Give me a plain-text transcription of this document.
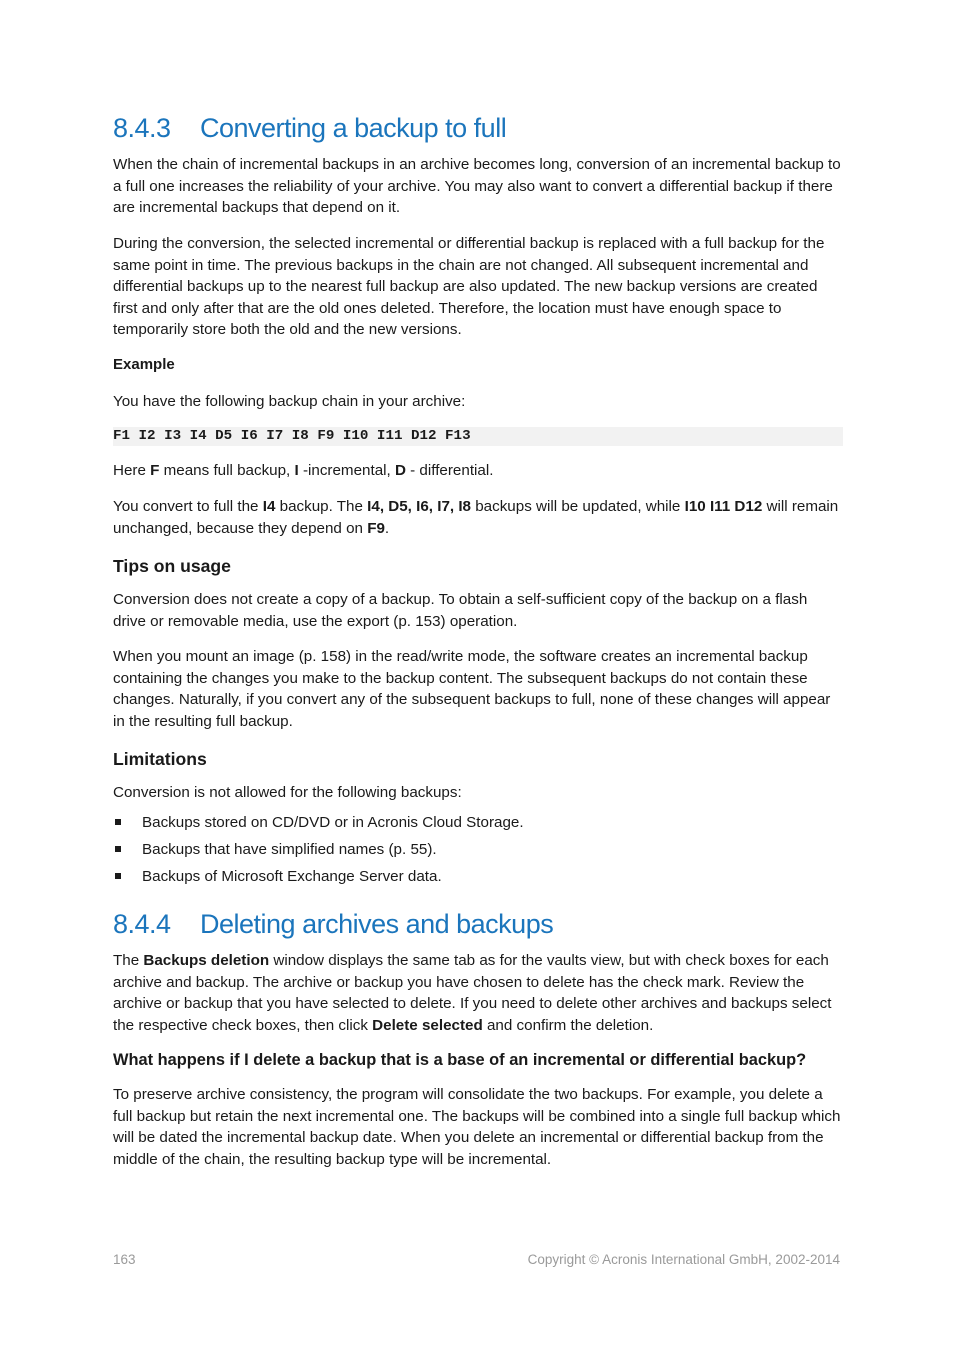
8.4.3 Converting a backup to full

When the chain of incremental backups in an archive becomes long, conversion of an incremental backup to a full one increases the reliability of your archive. You may also want to convert a differential backup if there are incremental backups that depend on it.

During the conversion, the selected incremental or differential backup is replaced with a full backup for the same point in time. The previous backups in the chain are not changed. All subsequent incremental and differential backups up to the nearest full backup are also updated. The new backup versions are created first and only after that are the old ones deleted. Therefore, the location must have enough space to temporarily store both the old and the new versions.

Example

You have the following backup chain in your archive:

F1 I2 I3 I4 D5 I6 I7 I8 F9 I10 I11 D12 F13

Here F means full backup, I -incremental, D - differential.

You convert to full the I4 backup. The I4, D5, I6, I7, I8 backups will be updated, while I10 I11 D12 will remain unchanged, because they depend on F9.

Tips on usage

Conversion does not create a copy of a backup. To obtain a self-sufficient copy of the backup on a flash drive or removable media, use the export (p. 153) operation.

When you mount an image (p. 158) in the read/write mode, the software creates an incremental backup containing the changes you make to the backup content. The subsequent backups do not contain these changes. Naturally, if you convert any of the subsequent backups to full, none of these changes will appear in the resulting full backup.

Limitations

Conversion is not allowed for the following backups:

Backups stored on CD/DVD or in Acronis Cloud Storage.
Backups that have simplified names (p. 55).
Backups of Microsoft Exchange Server data.
8.4.4 Deleting archives and backups

The Backups deletion window displays the same tab as for the vaults view, but with check boxes for each archive and backup. The archive or backup you have chosen to delete has the check mark. Review the archive or backup that you have selected to delete. If you need to delete other archives and backups select the respective check boxes, then click Delete selected and confirm the deletion.

What happens if I delete a backup that is a base of an incremental or differential backup?

To preserve archive consistency, the program will consolidate the two backups. For example, you delete a full backup but retain the next incremental one. The backups will be combined into a single full backup which will be dated the incremental backup date. When you delete an incremental or differential backup from the middle of the chain, the resulting backup type will be incremental.

163	Copyright © Acronis International GmbH, 2002-2014
